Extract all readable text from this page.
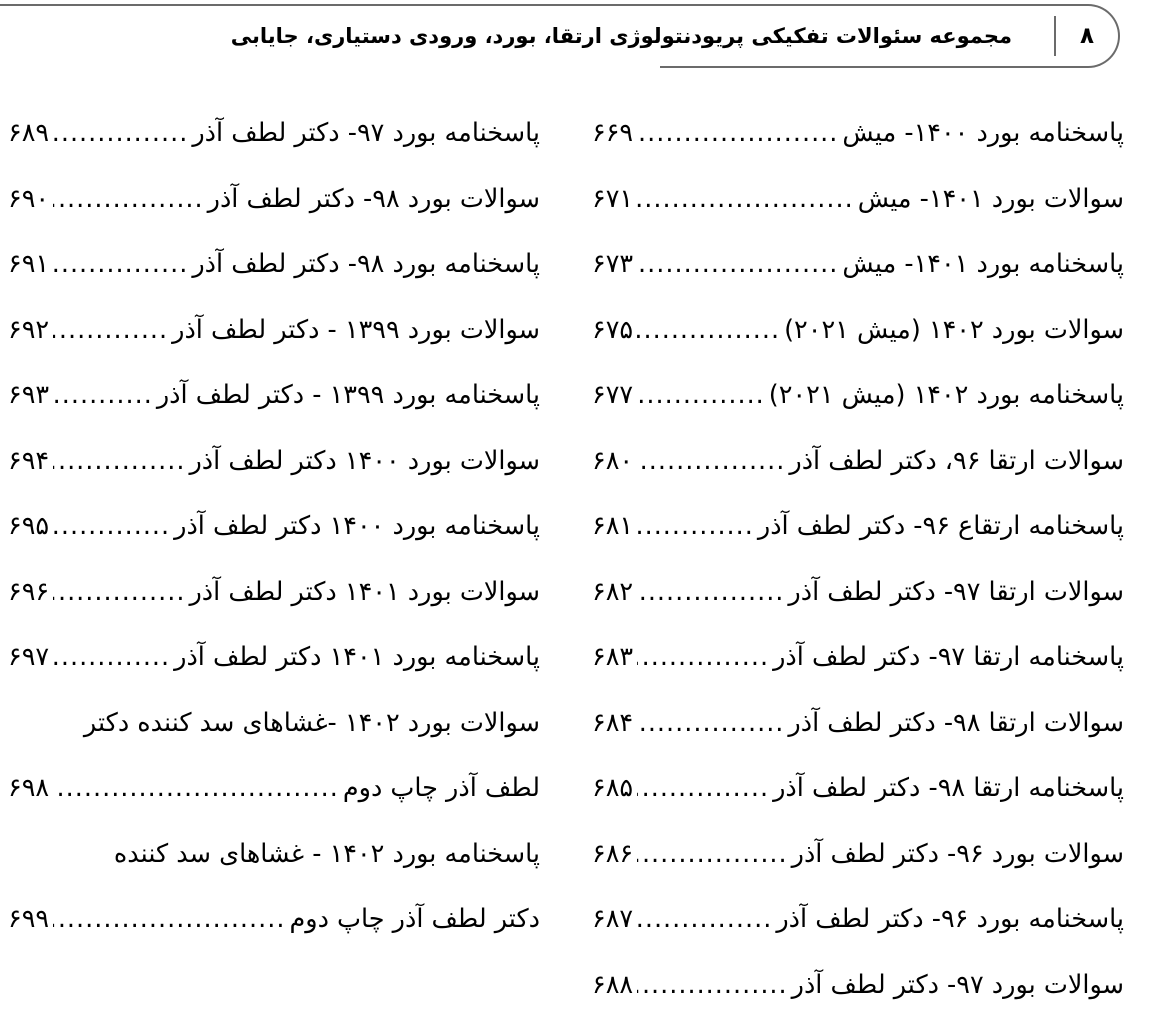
۸
مجموعه سئوالات تفکیکی پریودنتولوژی ارتقا، بورد، ورودی دستیاری، جایابی
پاسخنامه بورد ۱۴۰۰- میش
.....
۶۶۹
سوالات بورد ۱۴۰۱- میش
.....
۶۷۱
پاسخنامه بورد ۱۴۰۱- میش
.....
۶۷۳
سوالات بورد ۱۴۰۲ (میش ۲۰۲۱)
.....
۶۷۵
پاسخنامه بورد ۱۴۰۲ (میش ۲۰۲۱)
.....
۶۷۷
سوالات ارتقا ۹۶، دکتر لطف آذر
.....
۶۸۰
پاسخنامه ارتقاع ۹۶- دکتر لطف آذر
.....
۶۸۱
سوالات ارتقا ۹۷- دکتر لطف آذر
.....
۶۸۲
پاسخنامه ارتقا ۹۷- دکتر لطف آذر
.....
۶۸۳
سوالات ارتقا ۹۸- دکتر لطف آذر
.....
۶۸۴
پاسخنامه ارتقا ۹۸- دکتر لطف آذر
.....
۶۸۵
سوالات بورد ۹۶- دکتر لطف آذر
.....
۶۸۶
پاسخنامه بورد ۹۶- دکتر لطف آذر
.....
۶۸۷
سوالات بورد ۹۷- دکتر لطف آذر
.....
۶۸۸
پاسخنامه بورد ۹۷- دکتر لطف آذر
.....
۶۸۹
سوالات بورد ۹۸- دکتر لطف آذر
.....
۶۹۰
پاسخنامه بورد ۹۸- دکتر لطف آذر
.....
۶۹۱
سوالات بورد ۱۳۹۹ - دکتر لطف آذر
.....
۶۹۲
پاسخنامه بورد ۱۳۹۹ - دکتر لطف آذر
.....
۶۹۳
سوالات بورد ۱۴۰۰ دکتر لطف آذر
.....
۶۹۴
پاسخنامه بورد ۱۴۰۰ دکتر لطف آذر
.....
۶۹۵
سوالات بورد ۱۴۰۱ دکتر لطف آذر
.....
۶۹۶
پاسخنامه بورد ۱۴۰۱ دکتر لطف آذر
.....
۶۹۷
سوالات بورد ۱۴۰۲ -غشاهای سد کننده دکتر
لطف آذر چاپ دوم
.....
۶۹۸
پاسخنامه بورد ۱۴۰۲ - غشاهای سد کننده
دکتر لطف آذر چاپ دوم
.....
۶۹۹
